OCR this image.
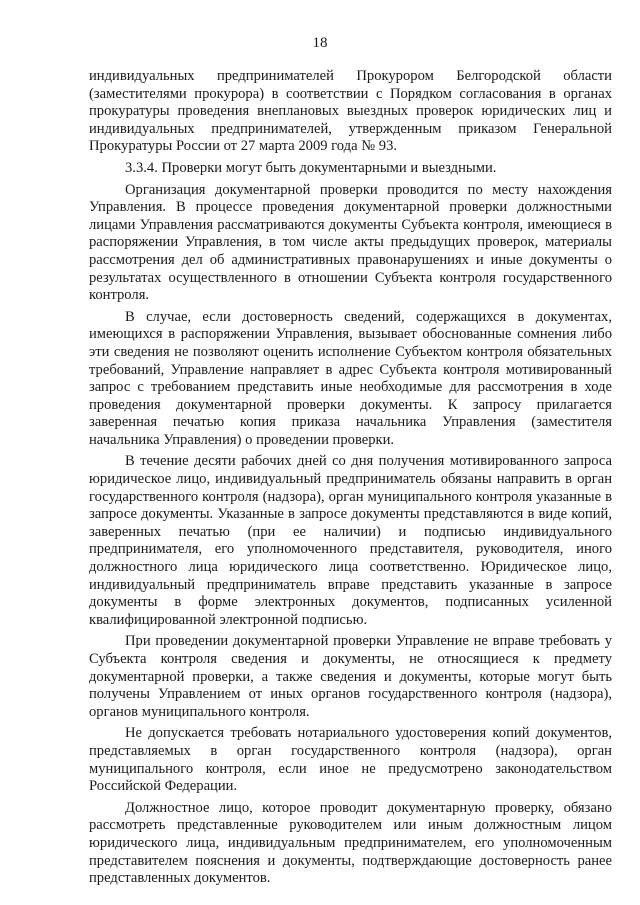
18

индивидуальных предпринимателей Прокурором Белгородской области (заместителями прокурора) в соответствии с Порядком согласования в органах прокуратуры проведения внеплановых выездных проверок юридических лиц и индивидуальных предпринимателей, утвержденным приказом Генеральной Прокуратуры России от 27 марта 2009 года № 93.

3.3.4. Проверки могут быть документарными и выездными.

Организация документарной проверки проводится по месту нахождения Управления. В процессе проведения документарной проверки должностными лицами Управления рассматриваются документы Субъекта контроля, имеющиеся в распоряжении Управления, в том числе акты предыдущих проверок, материалы рассмотрения дел об административных правонарушениях и иные документы о результатах осуществленного в отношении Субъекта контроля государственного контроля.

В случае, если достоверность сведений, содержащихся в документах, имеющихся в распоряжении Управления, вызывает обоснованные сомнения либо эти сведения не позволяют оценить исполнение Субъектом контроля обязательных требований, Управление направляет в адрес Субъекта контроля мотивированный запрос с требованием представить иные необходимые для рассмотрения в ходе проведения документарной проверки документы. К запросу прилагается заверенная печатью копия приказа начальника Управления (заместителя начальника Управления) о проведении проверки.

В течение десяти рабочих дней со дня получения мотивированного запроса юридическое лицо, индивидуальный предприниматель обязаны направить в орган государственного контроля (надзора), орган муниципального контроля указанные в запросе документы. Указанные в запросе документы представляются в виде копий, заверенных печатью (при ее наличии) и подписью индивидуального предпринимателя, его уполномоченного представителя, руководителя, иного должностного лица юридического лица соответственно. Юридическое лицо, индивидуальный предприниматель вправе представить указанные в запросе документы в форме электронных документов, подписанных усиленной квалифицированной электронной подписью.

При проведении документарной проверки Управление не вправе требовать у Субъекта контроля сведения и документы, не относящиеся к предмету документарной проверки, а также сведения и документы, которые могут быть получены Управлением от иных органов государственного контроля (надзора), органов муниципального контроля.

Не допускается требовать нотариального удостоверения копий документов, представляемых в орган государственного контроля (надзора), орган муниципального контроля, если иное не предусмотрено законодательством Российской Федерации.

Должностное лицо, которое проводит документарную проверку, обязано рассмотреть представленные руководителем или иным должностным лицом юридического лица, индивидуальным предпринимателем, его уполномоченным представителем пояснения и документы, подтверждающие достоверность ранее представленных документов.
